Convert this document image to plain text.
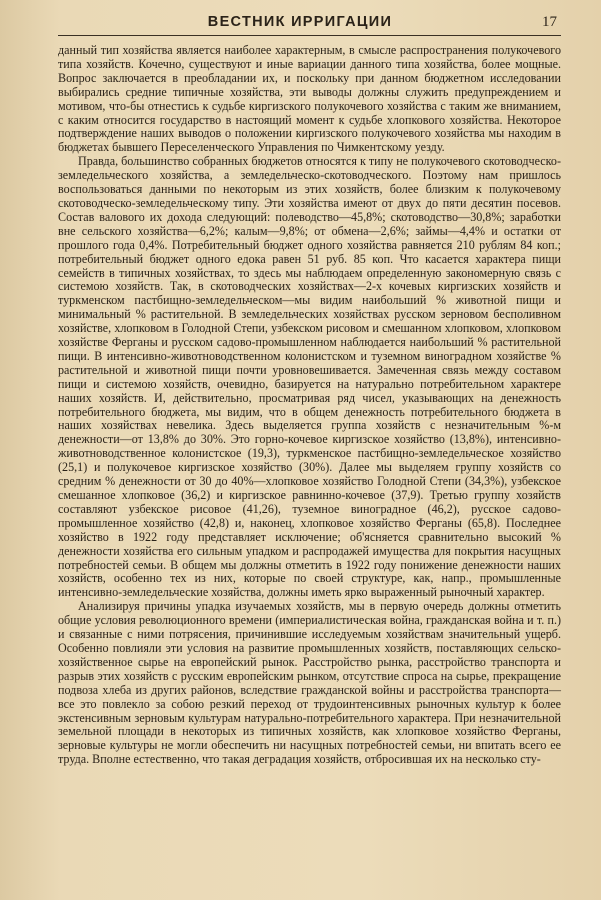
ВЕСТНИК ИРРИГАЦИИ	17

данный тип хозяйства является наиболее характерным, в смысле распространения полукочевого типа хозяйств. Кочечно, существуют и иные вариации данного типа хозяйства, более мощные. Вопрос заключается в преобладании их, и поскольку при данном бюджетном исследовании выбирались средние типичные хозяйства, эти выводы должны служить предупреждением и мотивом, что-бы отнестись к судьбе киргизского полукочевого хозяйства с таким же вниманием, с каким относится государство в настоящий момент к судьбе хлопкового хозяйства. Некоторое подтверждение наших выводов о положении киргизского полукочевого хозяйства мы находим в бюджетах бывшего Переселенческого Управления по Чимкентскому уезду.

Правда, большинство собранных бюджетов относятся к типу не полукочевого скотоводческо-земледельческого хозяйства, а земледельческо-скотоводческого. Поэтому нам пришлось воспользоваться данными по некоторым из этих хозяйств, более близким к полукочевому скотоводческо-земледельческому типу. Эти хозяйства имеют от двух до пяти десятин посевов. Состав валового их дохода следующий: полеводство—45,8%; скотоводство—30,8%; заработки вне сельского хозяйства—6,2%; калым—9,8%; от обмена—2,6%; займы—4,4% и остатки от прошлого года 0,4%. Потребительный бюджет одного хозяйства равняется 210 рублям 84 коп.; потребительный бюджет одного едока равен 51 руб. 85 коп. Что касается характера пищи семейств в типичных хозяйствах, то здесь мы наблюдаем определенную закономерную связь с системою хозяйств. Так, в скотоводческих хозяйствах—2-х кочевых киргизских хозяйств и туркменском пастбищно-земледельческом—мы видим наибольший % животной пищи и минимальный % растительной. В земледельческих хозяйствах русском зерновом бесполивном хозяйстве, хлопковом в Голодной Степи, узбекском рисовом и смешанном хлопковом, хлопковом хозяйстве Ферганы и русском садово-промышленном наблюдается наибольший % растительной пищи. В интенсивно-животноводственном колонистском и туземном виноградном хозяйстве % растительной и животной пищи почти уровновешивается. Замеченная связь между составом пищи и системою хозяйств, очевидно, базируется на натурально потребительном характере наших хозяйств. И, действительно, просматривая ряд чисел, указывающих на денежность потребительного бюджета, мы видим, что в общем денежность потребительного бюджета в наших хозяйствах невелика. Здесь выделяется группа хозяйств с незначительным %-м денежности—от 13,8% до 30%. Это горно-кочевое киргизское хозяйство (13,8%), интенсивно-животноводственное колонистское (19,3), туркменское пастбищно-земледельческое хозяйство (25,1) и полукочевое киргизское хозяйство (30%). Далее мы выделяем группу хозяйств со средним % денежности от 30 до 40%—хлопковое хозяйство Голодной Степи (34,3%), узбекское смешанное хлопковое (36,2) и киргизское равнинно-кочевое (37,9). Третью группу хозяйств составляют узбекское рисовое (41,26), туземное виноградное (46,2), русское садово-промышленное хозяйство (42,8) и, наконец, хлопковое хозяйство Ферганы (65,8). Последнее хозяйство в 1922 году представляет исключение; об'ясняется сравнительно высокий % денежности хозяйства его сильным упадком и распродажей имущества для покрытия насущных потребностей семьи. В общем мы должны отметить в 1922 году понижение денежности наших хозяйств, особенно тех из них, которые по своей структуре, как, напр., промышленные интенсивно-земледельческие хозяйства, должны иметь ярко выраженный рыночный характер.

Анализируя причины упадка изучаемых хозяйств, мы в первую очередь должны отметить общие условия революционного времени (империалистическая война, гражданская война и т. п.) и связанные с ними потрясения, причинившие исследуемым хозяйствам значительный ущерб. Особенно повлияли эти условия на развитие промышленных хозяйств, поставляющих сельско-хозяйственное сырье на европейский рынок. Расстройство рынка, расстройство транспорта и разрыв этих хозяйств с русским европейским рынком, отсутствие спроса на сырье, прекращение подвоза хлеба из других районов, вследствие гражданской войны и расстройства транспорта—все это повлекло за собою резкий переход от трудоинтенсивных рыночных культур к более экстенсивным зерновым культурам натурально-потребительного характера. При незначительной земельной площади в некоторых из типичных хозяйств, как хлопковое хозяйство Ферганы, зерновые культуры не могли обеспечить ни насущных потребностей семьи, ни впитать всего ее труда. Вполне естественно, что такая деградация хозяйств, отбросившая их на несколько сту-
